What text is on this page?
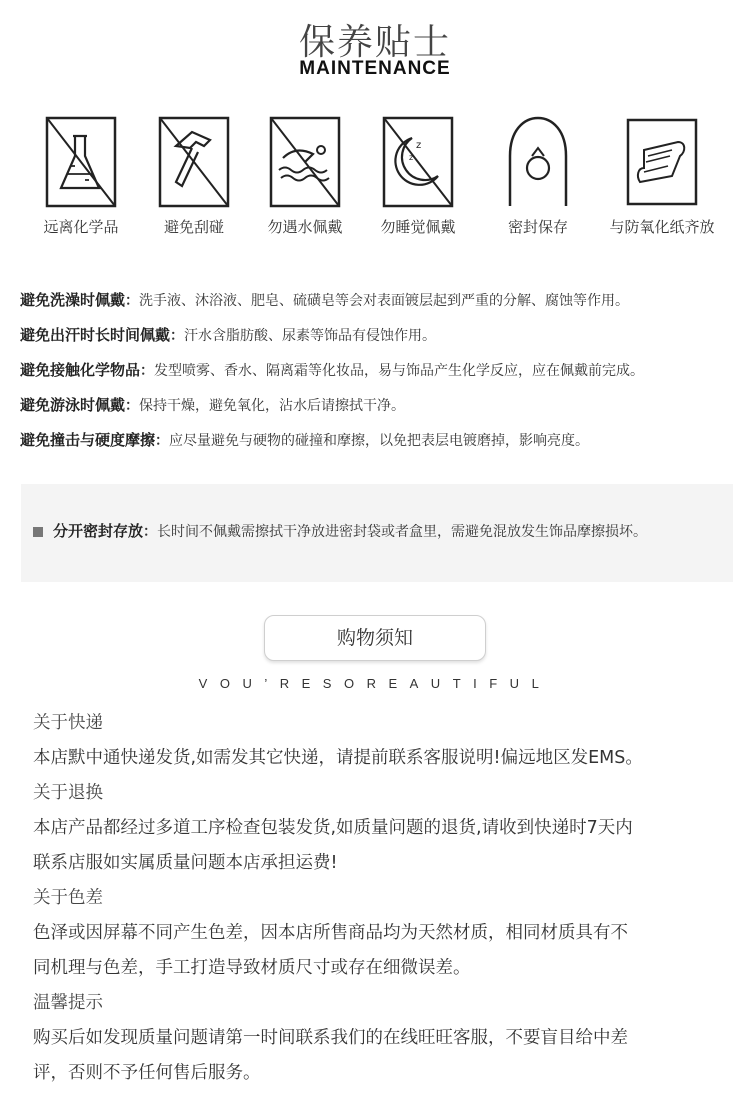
保养贴士
MAINTENANCE
远离化学品	避免刮碰	勿遇水佩戴
z
z
勿睡觉佩戴	密封保存	与防氧化纸齐放
避免洗澡时佩戴：洗手液、沐浴液、肥皂、硫磺皂等会对表面镀层起到严重的分解、腐蚀等作用。
避免出汗时长时间佩戴：汗水含脂肪酸、尿素等饰品有侵蚀作用。
避免接触化学物品：发型喷雾、香水、隔离霜等化妆品，易与饰品产生化学反应，应在佩戴前完成。
避免游泳时佩戴：保持干燥，避免氧化，沾水后请擦拭干净。
避免撞击与硬度摩擦：应尽量避免与硬物的碰撞和摩擦，以免把表层电镀磨掉，影响亮度。
分开密封存放：长时间不佩戴需擦拭干净放进密封袋或者盒里，需避免混放发生饰品摩擦损坏。
购物须知
VOU’RESOREAUTIFUL
关于快递
本店默中通快递发货,如需发其它快递，请提前联系客服说明!偏远地区发EMS。
关于退换
本店产品都经过多道工序检查包装发货,如质量问题的退货,请收到快递时7天内
联系店服如实属质量问题本店承担运费!
关于色差
色泽或因屏幕不同产生色差，因本店所售商品均为天然材质，相同材质具有不
同机理与色差，手工打造导致材质尺寸或存在细微误差。
温馨提示
购买后如发现质量问题请第一时间联系我们的在线旺旺客服，不要盲目给中差
评，否则不予任何售后服务。
